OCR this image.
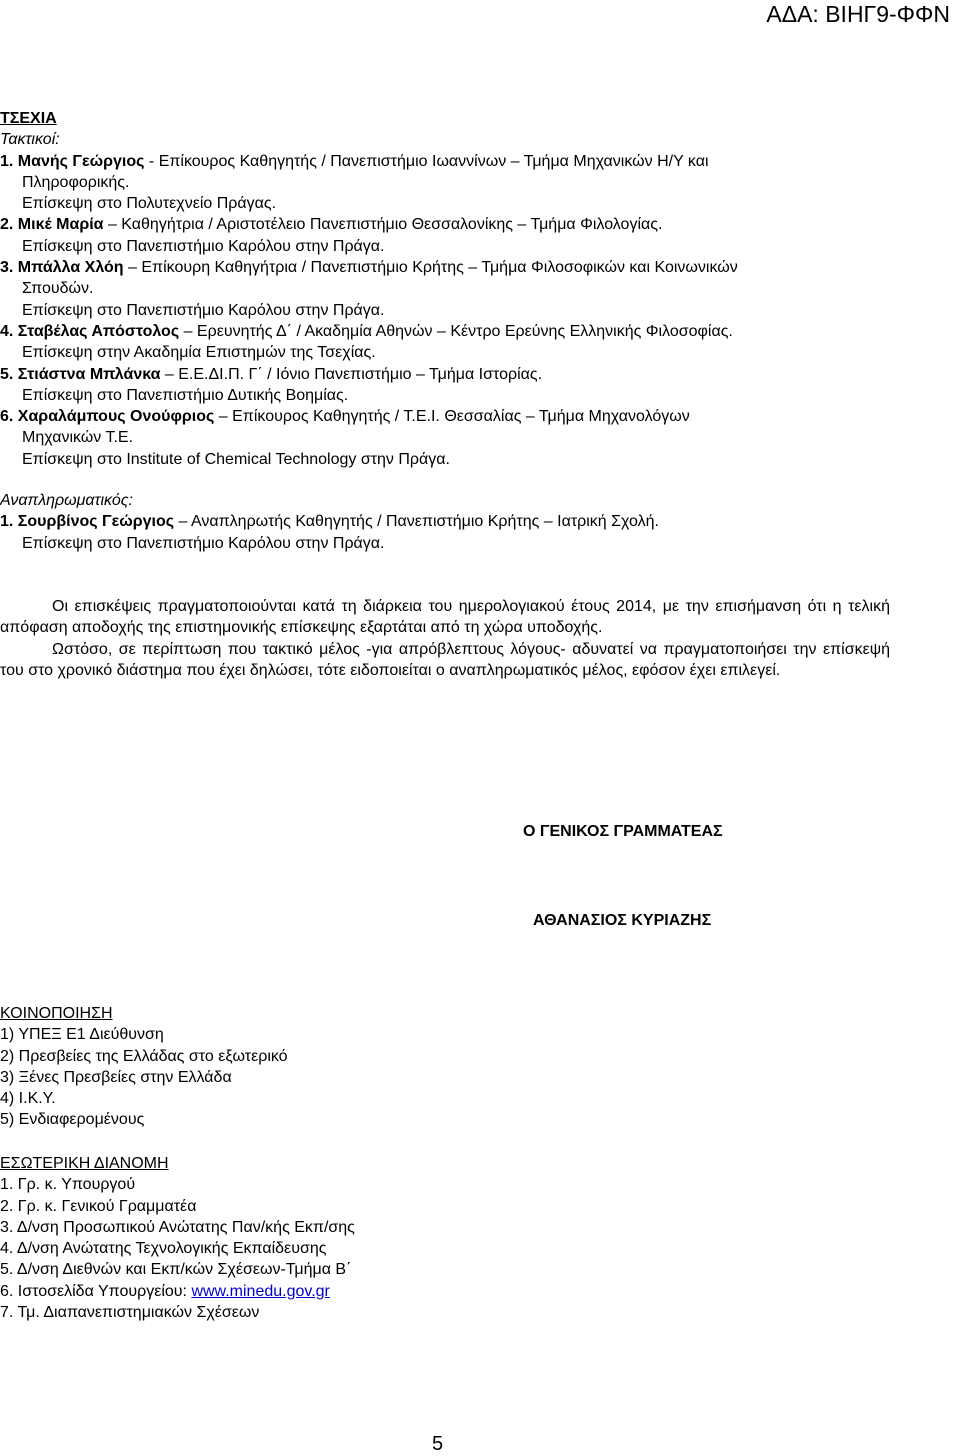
ΑΔΑ: ΒΙΗΓ9-ΦΦΝ
ΤΣΕΧΙΑ
Τακτικοί:
1. Μανής Γεώργιος - Επίκουρος Καθηγητής / Πανεπιστήμιο Ιωαννίνων – Τμήμα Μηχανικών Η/Υ και
Πληροφορικής.
Επίσκεψη στο Πολυτεχνείο Πράγας.
2. Μικέ Μαρία – Καθηγήτρια / Αριστοτέλειο Πανεπιστήμιο Θεσσαλονίκης – Τμήμα Φιλολογίας.
Επίσκεψη στο Πανεπιστήμιο Καρόλου στην Πράγα.
3. Μπάλλα Χλόη – Επίκουρη Καθηγήτρια / Πανεπιστήμιο Κρήτης – Τμήμα Φιλοσοφικών και Κοινωνικών
Σπουδών.
Επίσκεψη στο Πανεπιστήμιο Καρόλου στην Πράγα.
4. Σταβέλας Απόστολος – Ερευνητής Δ΄ / Ακαδημία Αθηνών – Κέντρο Ερεύνης Ελληνικής Φιλοσοφίας.
Επίσκεψη στην Ακαδημία Επιστημών της Τσεχίας.
5. Στιάστνα Μπλάνκα – Ε.Ε.ΔΙ.Π. Γ΄ / Ιόνιο Πανεπιστήμιο – Τμήμα Ιστορίας.
Επίσκεψη στο Πανεπιστήμιο Δυτικής Βοημίας.
6. Χαραλάμπους Ονούφριος – Επίκουρος Καθηγητής / Τ.Ε.Ι. Θεσσαλίας – Τμήμα Μηχανολόγων
Μηχανικών Τ.Ε.
Επίσκεψη στο Institute of Chemical Technology στην Πράγα.
Αναπληρωματικός:
1. Σουρβίνος Γεώργιος – Αναπληρωτής Καθηγητής / Πανεπιστήμιο Κρήτης – Ιατρική Σχολή.
Επίσκεψη στο Πανεπιστήμιο Καρόλου στην Πράγα.

Οι επισκέψεις πραγματοποιούνται κατά τη διάρκεια του ημερολογιακού έτους 2014, με την επισήμανση ότι η τελική απόφαση αποδοχής της επιστημονικής επίσκεψης εξαρτάται από τη χώρα υποδοχής.

Ωστόσο, σε περίπτωση που τακτικό μέλος -για απρόβλεπτους λόγους- αδυνατεί να πραγματοποιήσει την επίσκεψή του στο χρονικό διάστημα που έχει δηλώσει, τότε ειδοποιείται ο αναπληρωματικός μέλος, εφόσον έχει επιλεγεί.

Ο ΓΕΝΙΚΟΣ ΓΡΑΜΜΑΤΕΑΣ
ΑΘΑΝΑΣΙΟΣ ΚΥΡΙΑΖΗΣ
ΚΟΙΝΟΠΟΙΗΣΗ
1) ΥΠΕΞ Ε1 Διεύθυνση
2) Πρεσβείες της Ελλάδας στο εξωτερικό
3) Ξένες Πρεσβείες στην Ελλάδα
4) Ι.Κ.Υ.
5) Ενδιαφερομένους
ΕΣΩΤΕΡΙΚΗ ΔΙΑΝΟΜΗ
1. Γρ. κ. Υπουργού
2. Γρ. κ. Γενικού Γραμματέα
3. Δ/νση Προσωπικού Ανώτατης Παν/κής Εκπ/σης
4. Δ/νση Ανώτατης Τεχνολογικής Εκπαίδευσης
5. Δ/νση Διεθνών και Εκπ/κών Σχέσεων-Τμήμα Β΄
6. Ιστοσελίδα Υπουργείου: www.minedu.gov.gr
7. Τμ. Διαπανεπιστημιακών Σχέσεων
5
